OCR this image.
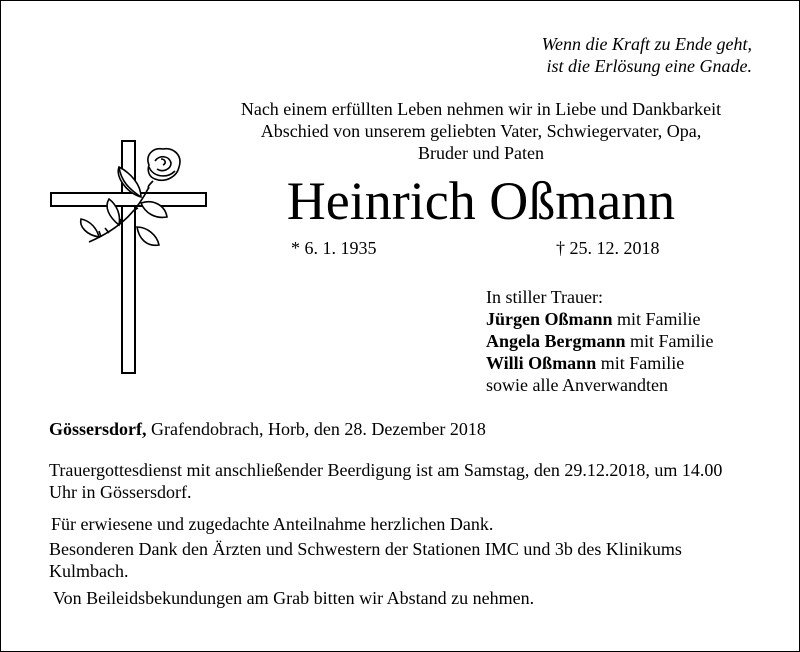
Wenn die Kraft zu Ende geht,
ist die Erlösung eine Gnade.
Nach einem erfüllten Leben nehmen wir in Liebe und Dankbarkeit
Abschied von unserem geliebten Vater, Schwiegervater, Opa,
Bruder und Paten
Heinrich Oßmann
* 6. 1. 1935	† 25. 12. 2018
In stiller Trauer:
Jürgen Oßmann mit Familie
Angela Bergmann mit Familie
Willi Oßmann mit Familie
sowie alle Anverwandten
Gössersdorf, Grafendobrach, Horb, den 28. Dezember 2018
Trauergottesdienst mit anschließender Beerdigung ist am Samstag, den 29.12.2018, um 14.00 Uhr in Gössersdorf.
Für erwiesene und zugedachte Anteilnahme herzlichen Dank.
Besonderen Dank den Ärzten und Schwestern der Stationen IMC und 3b des Klinikums Kulmbach.
Von Beileidsbekundungen am Grab bitten wir Abstand zu nehmen.
